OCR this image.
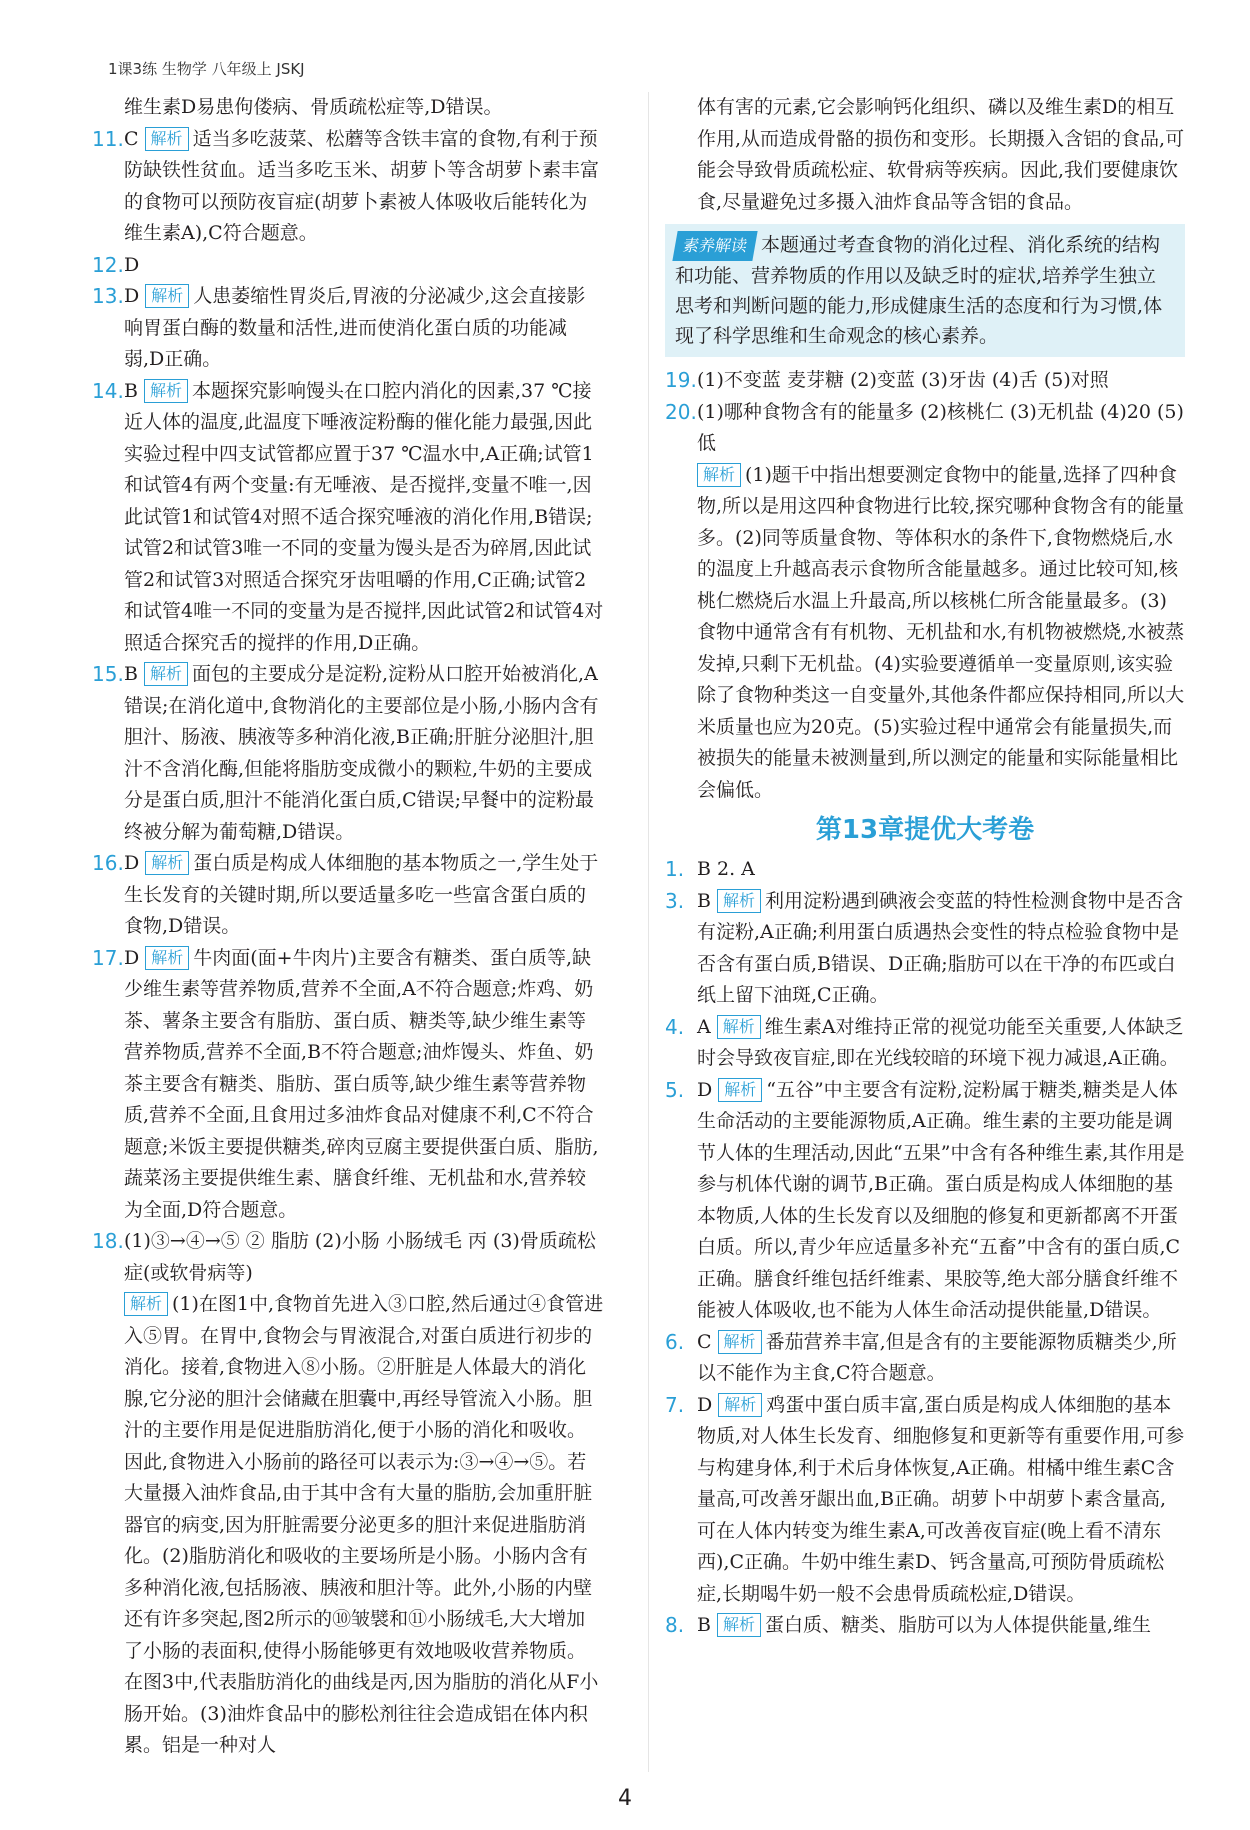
1课3练 生物学 八年级上 JSKJ
维生素D易患佝偻病、骨质疏松症等,D错误。
11. C 解析 适当多吃菠菜、松蘑等含铁丰富的食物,有利于预防缺铁性贫血。适当多吃玉米、胡萝卜等含胡萝卜素丰富的食物可以预防夜盲症(胡萝卜素被人体吸收后能转化为维生素A),C符合题意。
12. D
13. D 解析 人患萎缩性胃炎后,胃液的分泌减少,这会直接影响胃蛋白酶的数量和活性,进而使消化蛋白质的功能减弱,D正确。
14. B 解析 本题探究影响馒头在口腔内消化的因素,37 ℃接近人体的温度,此温度下唾液淀粉酶的催化能力最强,因此实验过程中四支试管都应置于37 ℃温水中,A正确;试管1和试管4有两个变量:有无唾液、是否搅拌,变量不唯一,因此试管1和试管4对照不适合探究唾液的消化作用,B错误;试管2和试管3唯一不同的变量为馒头是否为碎屑,因此试管2和试管3对照适合探究牙齿咀嚼的作用,C正确;试管2和试管4唯一不同的变量为是否搅拌,因此试管2和试管4对照适合探究舌的搅拌的作用,D正确。
15. B 解析 面包的主要成分是淀粉,淀粉从口腔开始被消化,A错误;在消化道中,食物消化的主要部位是小肠,小肠内含有胆汁、肠液、胰液等多种消化液,B正确;肝脏分泌胆汁,胆汁不含消化酶,但能将脂肪变成微小的颗粒,牛奶的主要成分是蛋白质,胆汁不能消化蛋白质,C错误;早餐中的淀粉最终被分解为葡萄糖,D错误。
16. D 解析 蛋白质是构成人体细胞的基本物质之一,学生处于生长发育的关键时期,所以要适量多吃一些富含蛋白质的食物,D错误。
17. D 解析 牛肉面(面+牛肉片)主要含有糖类、蛋白质等,缺少维生素等营养物质,营养不全面,A不符合题意;炸鸡、奶茶、薯条主要含有脂肪、蛋白质、糖类等,缺少维生素等营养物质,营养不全面,B不符合题意;油炸馒头、炸鱼、奶茶主要含有糖类、脂肪、蛋白质等,缺少维生素等营养物质,营养不全面,且食用过多油炸食品对健康不利,C不符合题意;米饭主要提供糖类,碎肉豆腐主要提供蛋白质、脂肪,蔬菜汤主要提供维生素、膳食纤维、无机盐和水,营养较为全面,D符合题意。
18. (1)③→④→⑤ ② 脂肪 (2)小肠 小肠绒毛 丙 (3)骨质疏松症(或软骨病等)
解析 (1)在图1中,食物首先进入③口腔,然后通过④食管进入⑤胃。在胃中,食物会与胃液混合,对蛋白质进行初步的消化。接着,食物进入⑧小肠。②肝脏是人体最大的消化腺,它分泌的胆汁会储藏在胆囊中,再经导管流入小肠。胆汁的主要作用是促进脂肪消化,便于小肠的消化和吸收。因此,食物进入小肠前的路径可以表示为:③→④→⑤。若大量摄入油炸食品,由于其中含有大量的脂肪,会加重肝脏器官的病变,因为肝脏需要分泌更多的胆汁来促进脂肪消化。(2)脂肪消化和吸收的主要场所是小肠。小肠内含有多种消化液,包括肠液、胰液和胆汁等。此外,小肠的内壁还有许多突起,图2所示的⑩皱襞和⑪小肠绒毛,大大增加了小肠的表面积,使得小肠能够更有效地吸收营养物质。在图3中,代表脂肪消化的曲线是丙,因为脂肪的消化从F小肠开始。(3)油炸食品中的膨松剂往往会造成铝在体内积累。铝是一种对人
体有害的元素,它会影响钙化组织、磷以及维生素D的相互作用,从而造成骨骼的损伤和变形。长期摄入含铝的食品,可能会导致骨质疏松症、软骨病等疾病。因此,我们要健康饮食,尽量避免过多摄入油炸食品等含铝的食品。
素养解读 本题通过考查食物的消化过程、消化系统的结构和功能、营养物质的作用以及缺乏时的症状,培养学生独立思考和判断问题的能力,形成健康生活的态度和行为习惯,体现了科学思维和生命观念的核心素养。
19. (1)不变蓝 麦芽糖 (2)变蓝 (3)牙齿 (4)舌 (5)对照
20. (1)哪种食物含有的能量多 (2)核桃仁 (3)无机盐 (4)20 (5)低
解析 (1)题干中指出想要测定食物中的能量,选择了四种食物,所以是用这四种食物进行比较,探究哪种食物含有的能量多。(2)同等质量食物、等体积水的条件下,食物燃烧后,水的温度上升越高表示食物所含能量越多。通过比较可知,核桃仁燃烧后水温上升最高,所以核桃仁所含能量最多。(3)食物中通常含有有机物、无机盐和水,有机物被燃烧,水被蒸发掉,只剩下无机盐。(4)实验要遵循单一变量原则,该实验除了食物种类这一自变量外,其他条件都应保持相同,所以大米质量也应为20克。(5)实验过程中通常会有能量损失,而被损失的能量未被测量到,所以测定的能量和实际能量相比会偏低。
第13章提优大考卷
1. B 2. A
3. B 解析 利用淀粉遇到碘液会变蓝的特性检测食物中是否含有淀粉,A正确;利用蛋白质遇热会变性的特点检验食物中是否含有蛋白质,B错误、D正确;脂肪可以在干净的布匹或白纸上留下油斑,C正确。
4. A 解析 维生素A对维持正常的视觉功能至关重要,人体缺乏时会导致夜盲症,即在光线较暗的环境下视力减退,A正确。
5. D 解析 “五谷”中主要含有淀粉,淀粉属于糖类,糖类是人体生命活动的主要能源物质,A正确。维生素的主要功能是调节人体的生理活动,因此“五果”中含有各种维生素,其作用是参与机体代谢的调节,B正确。蛋白质是构成人体细胞的基本物质,人体的生长发育以及细胞的修复和更新都离不开蛋白质。所以,青少年应适量多补充“五畜”中含有的蛋白质,C正确。膳食纤维包括纤维素、果胶等,绝大部分膳食纤维不能被人体吸收,也不能为人体生命活动提供能量,D错误。
6. C 解析 番茄营养丰富,但是含有的主要能源物质糖类少,所以不能作为主食,C符合题意。
7. D 解析 鸡蛋中蛋白质丰富,蛋白质是构成人体细胞的基本物质,对人体生长发育、细胞修复和更新等有重要作用,可参与构建身体,利于术后身体恢复,A正确。柑橘中维生素C含量高,可改善牙龈出血,B正确。胡萝卜中胡萝卜素含量高,可在人体内转变为维生素A,可改善夜盲症(晚上看不清东西),C正确。牛奶中维生素D、钙含量高,可预防骨质疏松症,长期喝牛奶一般不会患骨质疏松症,D错误。
8. B 解析 蛋白质、糖类、脂肪可以为人体提供能量,维生
4
